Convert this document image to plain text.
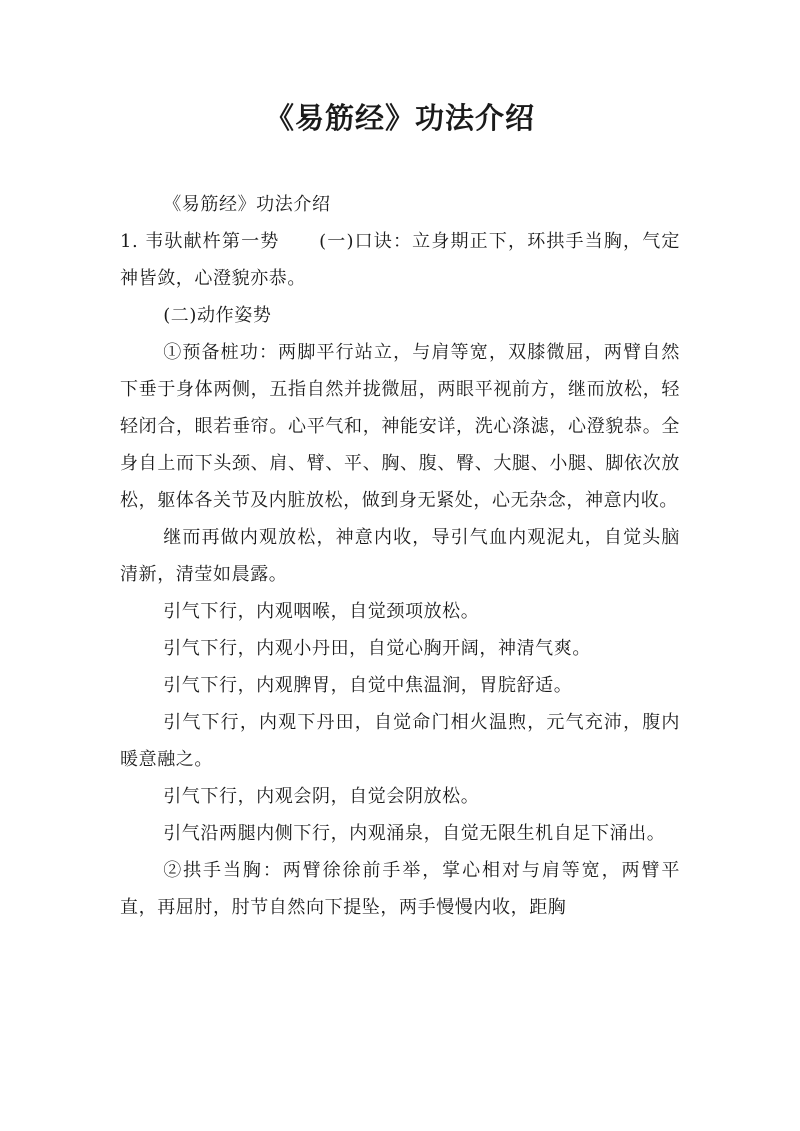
《易筋经》功法介绍

《易筋经》功法介绍

1. 韦驮献杵第一势 (一)口诀：立身期正下，环拱手当胸，气定神皆敛，心澄貌亦恭。

(二)动作姿势

①预备桩功：两脚平行站立，与肩等宽，双膝微屈，两臂自然下垂于身体两侧，五指自然并拢微屈，两眼平视前方，继而放松，轻轻闭合，眼若垂帘。心平气和，神能安详，洗心涤滤，心澄貌恭。全身自上而下头颈、肩、臂、平、胸、腹、臀、大腿、小腿、脚依次放松，躯体各关节及内脏放松，做到身无紧处，心无杂念，神意内收。

继而再做内观放松，神意内收，导引气血内观泥丸，自觉头脑清新，清莹如晨露。

引气下行，内观咽喉，自觉颈项放松。

引气下行，内观小丹田，自觉心胸开阔，神清气爽。

引气下行，内观脾胃，自觉中焦温涧，胃脘舒适。

引气下行，内观下丹田，自觉命门相火温煦，元气充沛，腹内暖意融之。

引气下行，内观会阴，自觉会阴放松。

引气沿两腿内侧下行，内观涌泉，自觉无限生机自足下涌出。

②拱手当胸：两臂徐徐前手举，掌心相对与肩等宽，两臂平直，再屈肘，肘节自然向下提坠，两手慢慢内收，距胸
